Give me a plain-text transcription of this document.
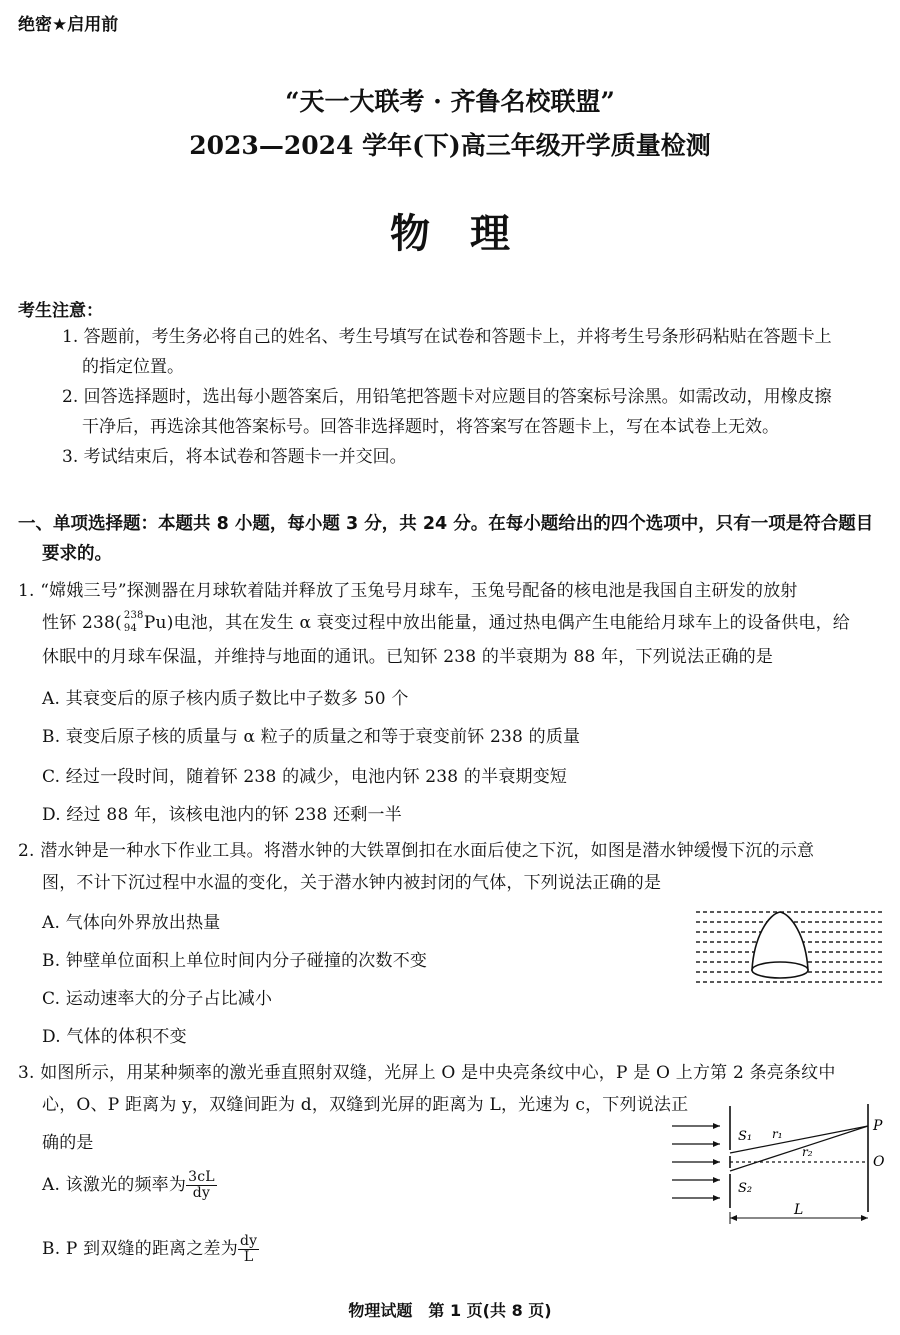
绝密★启用前
“天一大联考 · 齐鲁名校联盟”
2023—2024 学年(下)高三年级开学质量检测
物理
考生注意：
1. 答题前，考生务必将自己的姓名、考生号填写在试卷和答题卡上，并将考生号条形码粘贴在答题卡上
的指定位置。
2. 回答选择题时，选出每小题答案后，用铅笔把答题卡对应题目的答案标号涂黑。如需改动，用橡皮擦
干净后，再选涂其他答案标号。回答非选择题时，将答案写在答题卡上，写在本试卷上无效。
3. 考试结束后，将本试卷和答题卡一并交回。
一、单项选择题：本题共 8 小题，每小题 3 分，共 24 分。在每小题给出的四个选项中，只有一项是符合题目
要求的。
1. “嫦娥三号”探测器在月球软着陆并释放了玉兔号月球车，玉兔号配备的核电池是我国自主研发的放射
性钚 238( 238
94 Pu)电池，其在发生 α 衰变过程中放出能量，通过热电偶产生电能给月球车上的设备供电，给
休眠中的月球车保温，并维持与地面的通讯。已知钚 238 的半衰期为 88 年，下列说法正确的是
A. 其衰变后的原子核内质子数比中子数多 50 个
B. 衰变后原子核的质量与 α 粒子的质量之和等于衰变前钚 238 的质量
C. 经过一段时间，随着钚 238 的减少，电池内钚 238 的半衰期变短
D. 经过 88 年，该核电池内的钚 238 还剩一半
2. 潜水钟是一种水下作业工具。将潜水钟的大铁罩倒扣在水面后使之下沉，如图是潜水钟缓慢下沉的示意
图，不计下沉过程中水温的变化，关于潜水钟内被封闭的气体，下列说法正确的是
A. 气体向外界放出热量
B. 钟壁单位面积上单位时间内分子碰撞的次数不变
C. 运动速率大的分子占比减小
D. 气体的体积不变
3. 如图所示，用某种频率的激光垂直照射双缝，光屏上 O 是中央亮条纹中心，P 是 O 上方第 2 条亮条纹中
心，O、P 距离为 y，双缝间距为 d，双缝到光屏的距离为 L，光速为 c，下列说法正
确的是
A. 该激光的频率为 $\frac{3cL}{dy}$
B. P 到双缝的距离之差为 $\frac{dy}{L}$
S₁
S₂
r₁
r₂
P
O
L
物理试题　第 1 页(共 8 页)
